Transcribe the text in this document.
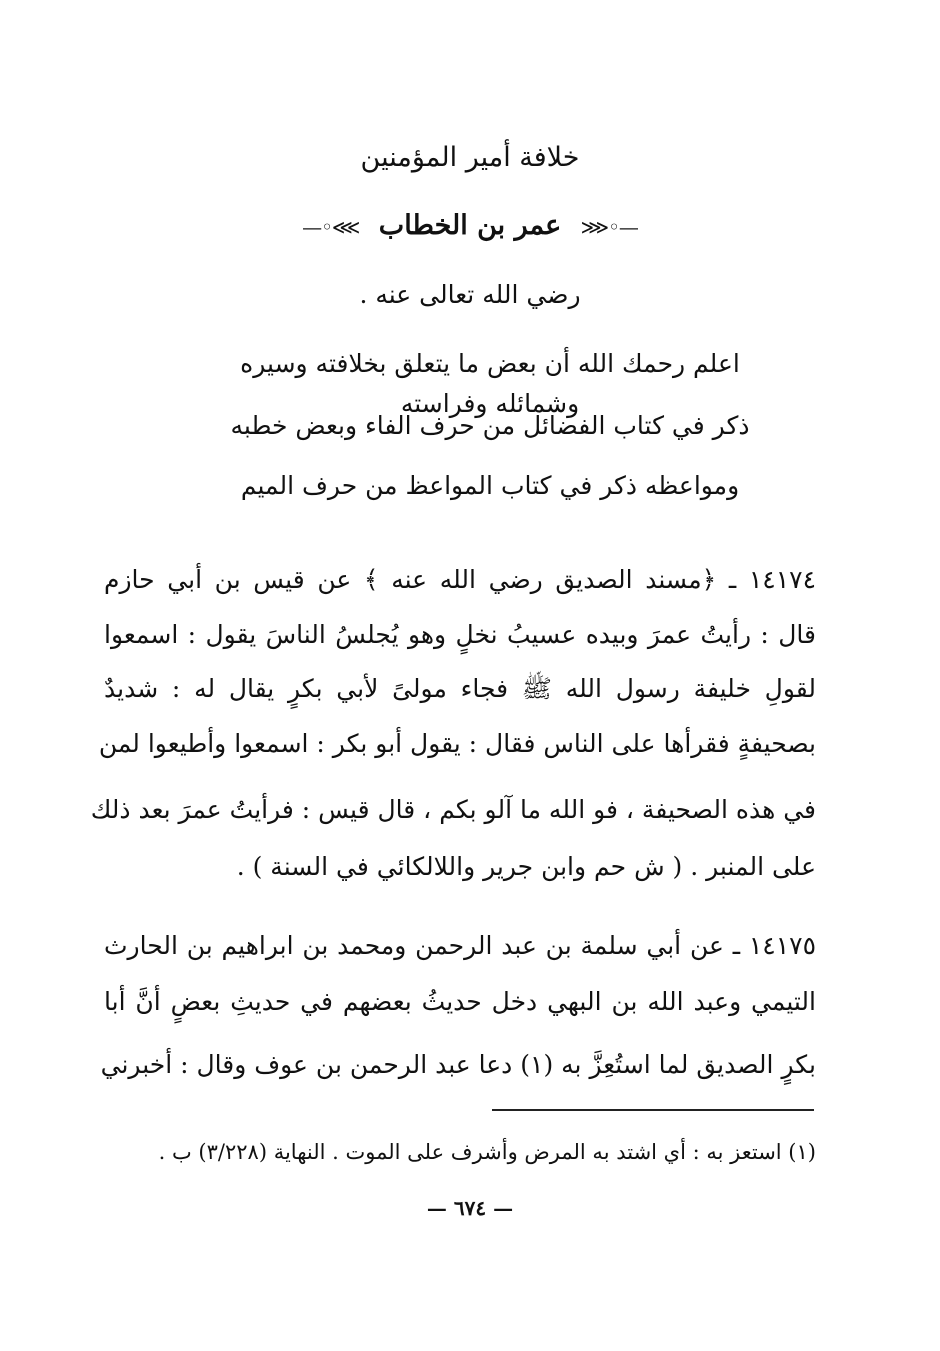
خلافة أمير المؤمنين
—◦⋘ عمر بن الخطاب ⋙◦—
رضي الله تعالى عنه .
اعلم رحمك الله أن بعض ما يتعلق بخلافته وسيره وشمائله وفراسته
ذكر في كتاب الفضائل من حرف الفاء وبعض خطبه
ومواعظه ذكر في كتاب المواعظ من حرف الميم
١٤١٧٤ ـ ﴿مسند الصديق رضي الله عنه ﴾ عن قيس بن أبي حازم
قال : رأيتُ عمرَ وبيده عسيبُ نخلٍ وهو يُجلسُ الناسَ يقول : اسمعوا
لقولِ خليفة رسول الله ﷺ فجاء مولىً لأبي بكرٍ يقال له : شديدٌ
بصحيفةٍ فقرأها على الناس فقال : يقول أبو بكر : اسمعوا وأطيعوا لمن
في هذه الصحيفة ، فو الله ما آلو بكم ، قال قيس : فرأيتُ عمرَ بعد ذلك
على المنبر . ( ش حم وابن جرير واللالكائي في السنة ) .
١٤١٧٥ ـ عن أبي سلمة بن عبد الرحمن ومحمد بن ابراهيم بن الحارث
التيمي وعبد الله بن البهي دخل حديثُ بعضهم في حديثِ بعضٍ أنَّ أبا
بكرٍ الصديق لما استُعِزَّ به (١) دعا عبد الرحمن بن عوف وقال : أخبرني
(١) استعز به : أي اشتد به المرض وأشرف على الموت . النهاية (٣/٢٢٨) ب .
— ٦٧٤ —
